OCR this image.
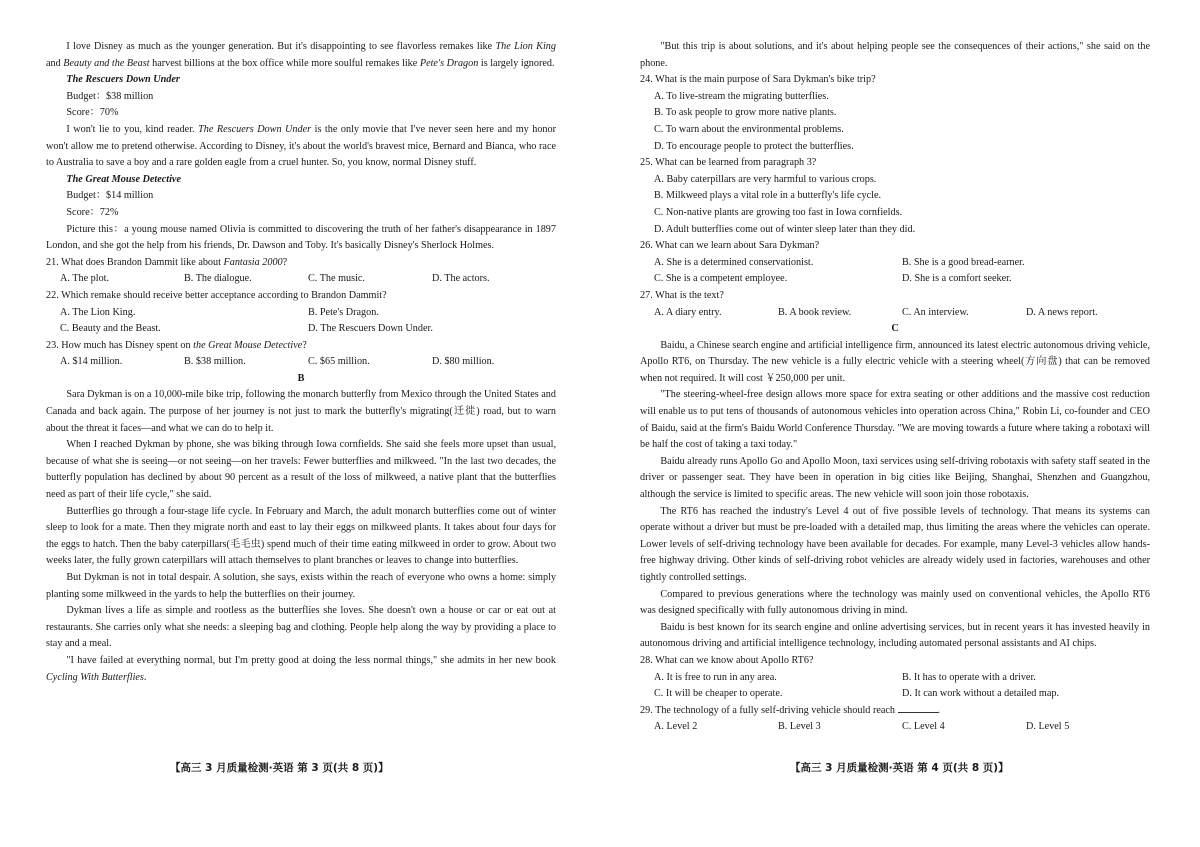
I love Disney as much as the younger generation. But it's disappointing to see flavorless remakes like The Lion King and Beauty and the Beast harvest billions at the box office while more soulful remakes like Pete's Dragon is largely ignored.

The Rescuers Down Under
Budget：$38 million
Score：70%

I won't lie to you, kind reader. The Rescuers Down Under is the only movie that I've never seen here and my honor won't allow me to pretend otherwise. According to Disney, it's about the world's bravest mice, Bernard and Bianca, who race to Australia to save a boy and a rare golden eagle from a cruel hunter. So, you know, normal Disney stuff.

The Great Mouse Detective
Budget：$14 million
Score：72%

Picture this：a young mouse named Olivia is committed to discovering the truth of her father's disappearance in 1897 London, and she got the help from his friends, Dr. Dawson and Toby. It's basically Disney's Sherlock Holmes.

21. What does Brandon Dammit like about Fantasia 2000?
A. The plot.	B. The dialogue.	C. The music.	D. The actors.
22. Which remake should receive better acceptance according to Brandon Dammit?
A. The Lion King.	B. Pete's Dragon.
C. Beauty and the Beast.	D. The Rescuers Down Under.
23. How much has Disney spent on the Great Mouse Detective?
A. $14 million.	B. $38 million.	C. $65 million.	D. $80 million.
B

Sara Dykman is on a 10,000-mile bike trip, following the monarch butterfly from Mexico through the United States and Canada and back again. The purpose of her journey is not just to mark the butterfly's migrating(迁徙) road, but to warn about the threat it faces—and what we can do to help it.

When I reached Dykman by phone, she was biking through Iowa cornfields. She said she feels more upset than usual, because of what she is seeing—or not seeing—on her travels: Fewer butterflies and milkweed. "In the last two decades, the butterfly population has declined by about 90 percent as a result of the loss of milkweed, a native plant that the butterflies need as part of their life cycle," she said.

Butterflies go through a four-stage life cycle. In February and March, the adult monarch butterflies come out of winter sleep to look for a mate. Then they migrate north and east to lay their eggs on milkweed plants. It takes about four days for the eggs to hatch. Then the baby caterpillars(毛毛虫) spend much of their time eating milkweed in order to grow. About two weeks later, the fully grown caterpillars will attach themselves to plant branches or leaves to change into butterflies.

But Dykman is not in total despair. A solution, she says, exists within the reach of everyone who owns a home: simply planting some milkweed in the yards to help the butterflies on their journey.

Dykman lives a life as simple and rootless as the butterflies she loves. She doesn't own a house or car or eat out at restaurants. She carries only what she needs: a sleeping bag and clothing. People help along the way by providing a place to stay and a meal.

"I have failed at everything normal, but I'm pretty good at doing the less normal things," she admits in her new book Cycling With Butterflies.

【高三 3 月质量检测·英语 第 3 页(共 8 页)】

"But this trip is about solutions, and it's about helping people see the consequences of their actions," she said on the phone.

24. What is the main purpose of Sara Dykman's bike trip?
A. To live-stream the migrating butterflies.
B. To ask people to grow more native plants.
C. To warn about the environmental problems.
D. To encourage people to protect the butterflies.
25. What can be learned from paragraph 3?
A. Baby caterpillars are very harmful to various crops.
B. Milkweed plays a vital role in a butterfly's life cycle.
C. Non-native plants are growing too fast in Iowa cornfields.
D. Adult butterflies come out of winter sleep later than they did.
26. What can we learn about Sara Dykman?
A. She is a determined conservationist.	B. She is a good bread-earner.
C. She is a competent employee.	D. She is a comfort seeker.
27. What is the text?
A. A diary entry.	B. A book review.	C. An interview.	D. A news report.
C

Baidu, a Chinese search engine and artificial intelligence firm, announced its latest electric autonomous driving vehicle, Apollo RT6, on Thursday. The new vehicle is a fully electric vehicle with a steering wheel(方向盘) that can be removed when not required. It will cost ￥250,000 per unit.

"The steering-wheel-free design allows more space for extra seating or other additions and the massive cost reduction will enable us to put tens of thousands of autonomous vehicles into operation across China," Robin Li, co-founder and CEO of Baidu, said at the firm's Baidu World Conference Thursday. "We are moving towards a future where taking a robotaxi will be half the cost of taking a taxi today."

Baidu already runs Apollo Go and Apollo Moon, taxi services using self-driving robotaxis with safety staff seated in the driver or passenger seat. They have been in operation in big cities like Beijing, Shanghai, Shenzhen and Guangzhou, although the service is limited to specific areas. The new vehicle will soon join those robotaxis.

The RT6 has reached the industry's Level 4 out of five possible levels of technology. That means its systems can operate without a driver but must be pre-loaded with a detailed map, thus limiting the areas where the vehicles can operate. Lower levels of self-driving technology have been available for decades. For example, many Level-3 vehicles allow hands-free highway driving. Other kinds of self-driving robot vehicles are already widely used in factories, warehouses and other tightly controlled settings.

Compared to previous generations where the technology was mainly used on conventional vehicles, the Apollo RT6 was designed specifically with fully autonomous driving in mind.

Baidu is best known for its search engine and online advertising services, but in recent years it has invested heavily in autonomous driving and artificial intelligence technology, including automated personal assistants and AI chips.

28. What can we know about Apollo RT6?
A. It is free to run in any area.	B. It has to operate with a driver.
C. It will be cheaper to operate.	D. It can work without a detailed map.
29. The technology of a fully self-driving vehicle should reach	.
A. Level 2	B. Level 3	C. Level 4	D. Level 5
【高三 3 月质量检测·英语 第 4 页(共 8 页)】
